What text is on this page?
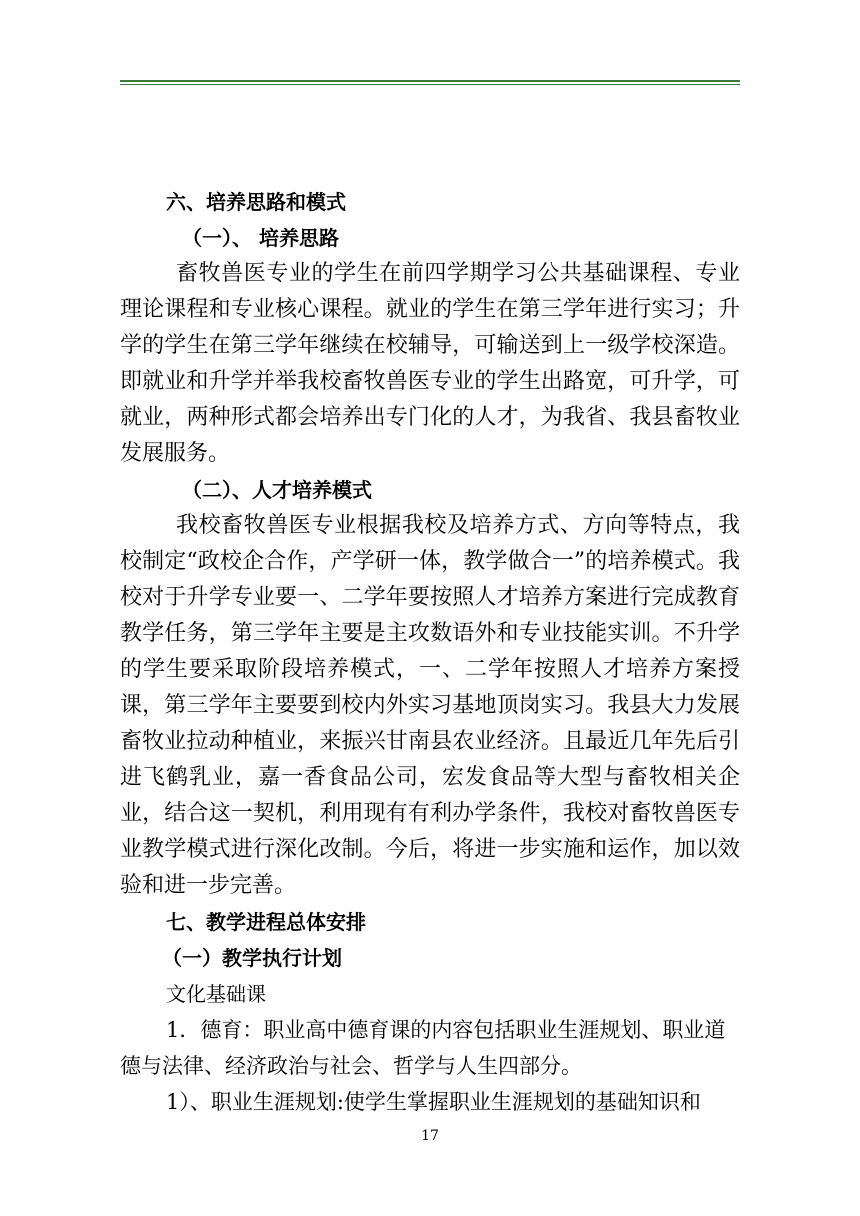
六、培养思路和模式

（一）、 培养思路

畜牧兽医专业的学生在前四学期学习公共基础课程、专业理论课程和专业核心课程。就业的学生在第三学年进行实习；升学的学生在第三学年继续在校辅导，可输送到上一级学校深造。即就业和升学并举我校畜牧兽医专业的学生出路宽，可升学，可就业，两种形式都会培养出专门化的人才，为我省、我县畜牧业发展服务。

（二）、人才培养模式

我校畜牧兽医专业根据我校及培养方式、方向等特点，我校制定“政校企合作，产学研一体，教学做合一”的培养模式。我校对于升学专业要一、二学年要按照人才培养方案进行完成教育教学任务，第三学年主要是主攻数语外和专业技能实训。不升学的学生要采取阶段培养模式，一、二学年按照人才培养方案授课，第三学年主要要到校内外实习基地顶岗实习。我县大力发展畜牧业拉动种植业，来振兴甘南县农业经济。且最近几年先后引进飞鹤乳业，嘉一香食品公司，宏发食品等大型与畜牧相关企业，结合这一契机，利用现有有利办学条件，我校对畜牧兽医专业教学模式进行深化改制。今后，将进一步实施和运作，加以效验和进一步完善。

七、教学进程总体安排

（一）教学执行计划

文化基础课

1．德育：职业高中德育课的内容包括职业生涯规划、职业道德与法律、经济政治与社会、哲学与人生四部分。

1）、职业生涯规划:使学生掌握职业生涯规划的基础知识和

17
